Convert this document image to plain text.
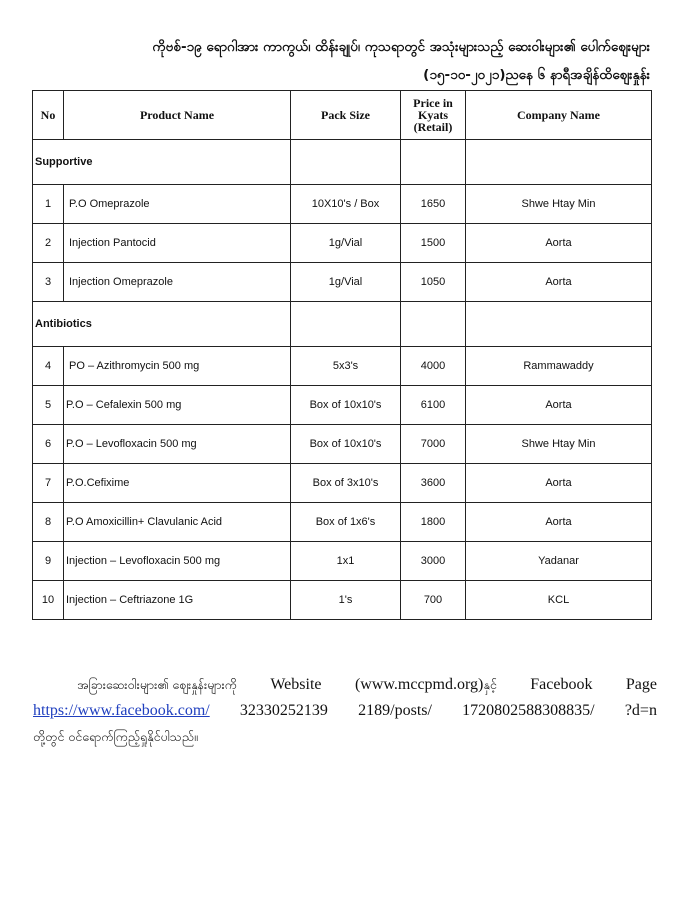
ကိုဗစ်-၁၉ ရောဂါအား ကာကွယ်၊ ထိန်းချုပ်၊ ကုသရာတွင် အသုံးများသည့် ဆေးဝါးများ၏ ပေါက်ဈေးများ
(၁၅-၁၀-၂၀၂၁)ညနေ ၆ နာရီအချိန်ထိဈေးနှုန်း
No	Product Name	Pack Size	Price in Kyats (Retail)	Company Name
Supportive				
1	P.O Omeprazole	10X10's / Box	1650	Shwe Htay Min
2	Injection Pantocid	1g/Vial	1500	Aorta
3	Injection Omeprazole	1g/Vial	1050	Aorta
Antibiotics				
4	PO – Azithromycin 500 mg	5x3's	4000	Rammawaddy
5	P.O – Cefalexin 500 mg	Box of 10x10's	6100	Aorta
6	P.O – Levofloxacin 500 mg	Box of 10x10's	7000	Shwe Htay Min
7	P.O.Cefixime	Box of 3x10's	3600	Aorta
8	P.O Amoxicillin+ Clavulanic Acid	Box of 1x6's	1800	Aorta
9	Injection – Levofloxacin 500 mg	1x1	3000	Yadanar
10	Injection – Ceftriazone 1G	1's	700	KCL
အခြားဆေးဝါးများ၏ ဈေးနှုန်းများကို Website (www.mccpmd.org)နှင့် Facebook Page
https://www.facebook.com/ 32330252139 2189/posts/ 1720802588308835/ ?d=n
တို့တွင် ဝင်ရောက်ကြည့်ရှုနိုင်ပါသည်။
